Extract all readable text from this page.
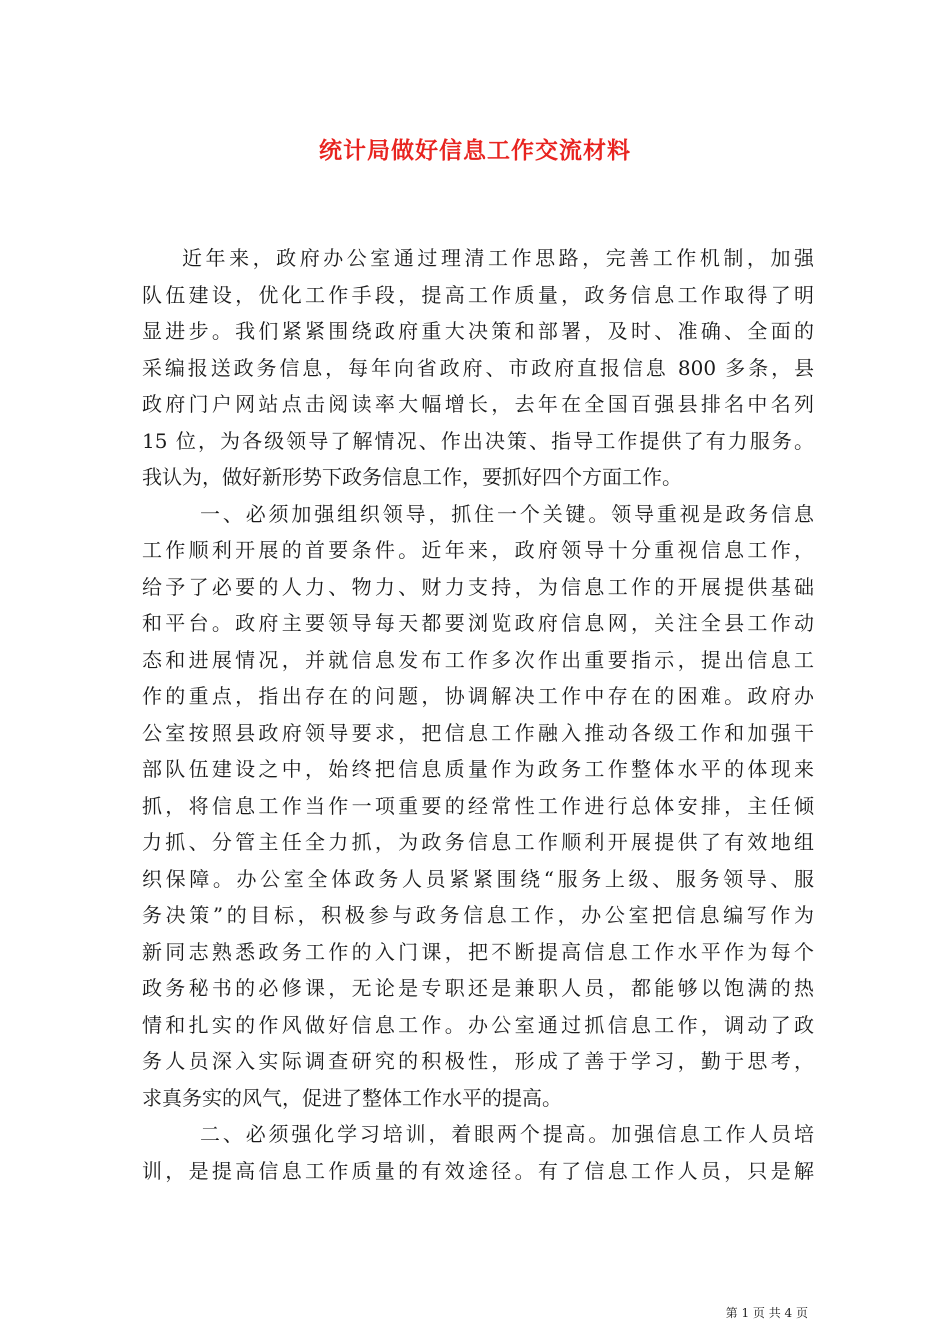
统计局做好信息工作交流材料

近年来，政府办公室通过理清工作思路，完善工作机制，加强
队伍建设，优化工作手段，提高工作质量，政务信息工作取得了明
显进步。我们紧紧围绕政府重大决策和部署，及时、准确、全面的
采编报送政务信息，每年向省政府、市政府直报信息 800 多条，县
政府门户网站点击阅读率大幅增长，去年在全国百强县排名中名列
15 位，为各级领导了解情况、作出决策、指导工作提供了有力服务。
我认为，做好新形势下政务信息工作，要抓好四个方面工作。

一、必须加强组织领导，抓住一个关键。领导重视是政务信息
工作顺利开展的首要条件。近年来，政府领导十分重视信息工作，
给予了必要的人力、物力、财力支持，为信息工作的开展提供基础
和平台。政府主要领导每天都要浏览政府信息网，关注全县工作动
态和进展情况，并就信息发布工作多次作出重要指示，提出信息工
作的重点，指出存在的问题，协调解决工作中存在的困难。政府办
公室按照县政府领导要求，把信息工作融入推动各级工作和加强干
部队伍建设之中，始终把信息质量作为政务工作整体水平的体现来
抓，将信息工作当作一项重要的经常性工作进行总体安排，主任倾
力抓、分管主任全力抓，为政务信息工作顺利开展提供了有效地组
织保障。办公室全体政务人员紧紧围绕“服务上级、服务领导、服
务决策”的目标，积极参与政务信息工作，办公室把信息编写作为
新同志熟悉政务工作的入门课，把不断提高信息工作水平作为每个
政务秘书的必修课，无论是专职还是兼职人员，都能够以饱满的热
情和扎实的作风做好信息工作。办公室通过抓信息工作，调动了政
务人员深入实际调查研究的积极性，形成了善于学习，勤于思考，
求真务实的风气，促进了整体工作水平的提高。

二、必须强化学习培训，着眼两个提高。加强信息工作人员培
训，是提高信息工作质量的有效途径。有了信息工作人员，只是解

第 1 页 共 4 页
